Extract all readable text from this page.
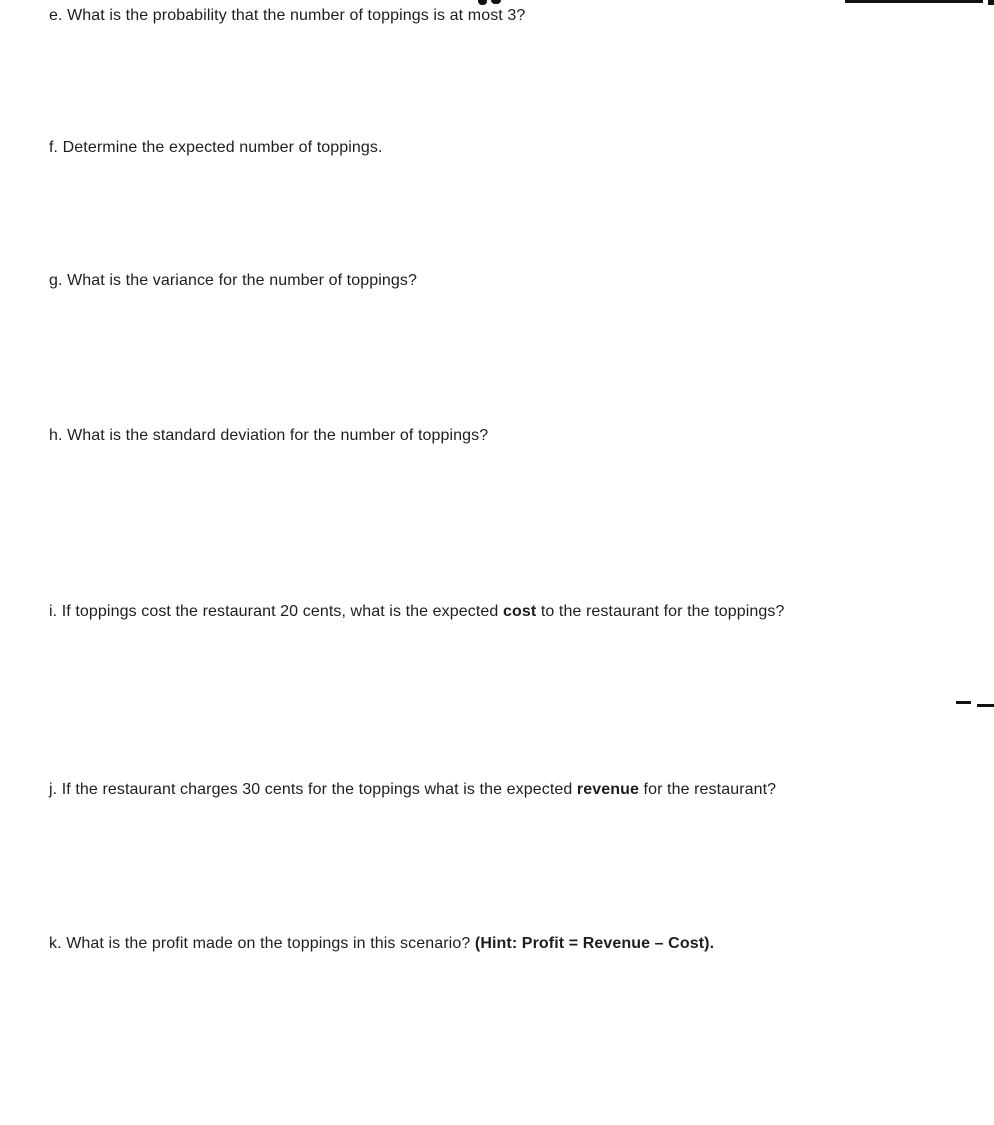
e. What is the probability that the number of toppings is at most 3?

f. Determine the expected number of toppings.

g. What is the variance for the number of toppings?

h. What is the standard deviation for the number of toppings?

i. If toppings cost the restaurant 20 cents, what is the expected cost to the restaurant for the toppings?

j. If the restaurant charges 30 cents for the toppings what is the expected revenue for the restaurant?

k. What is the profit made on the toppings in this scenario? (Hint: Profit = Revenue – Cost).
